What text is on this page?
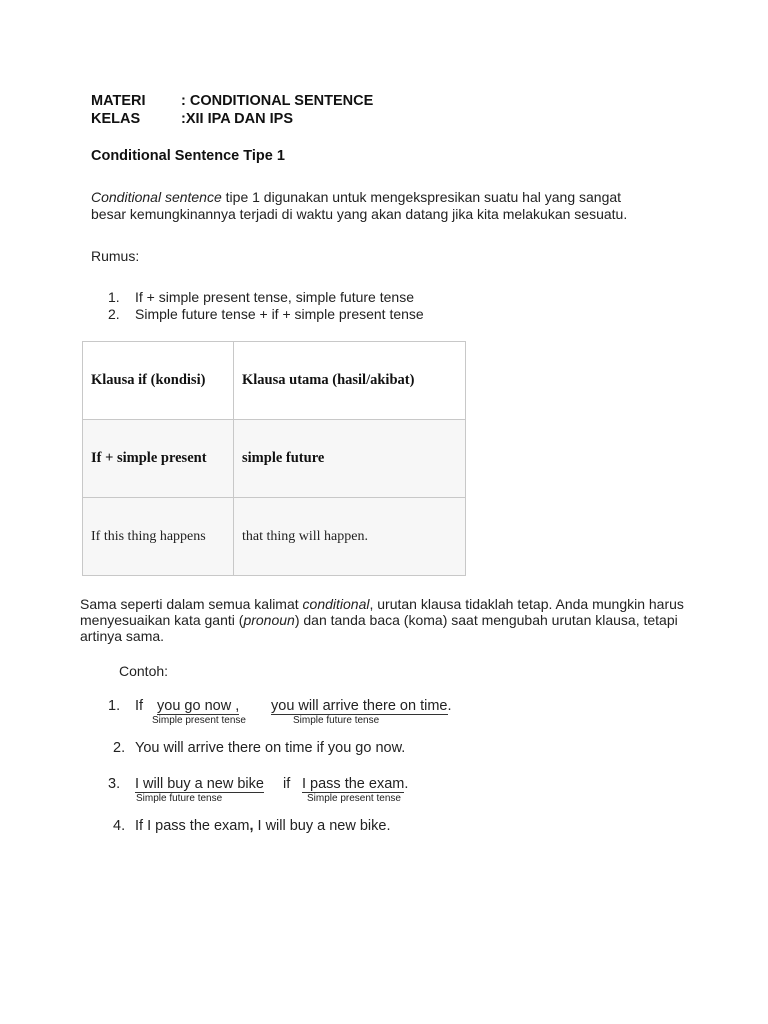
MATERI : CONDITIONAL SENTENCE
KELAS	:XII IPA DAN IPS
Conditional Sentence Tipe 1
Conditional sentence tipe 1 digunakan untuk mengekspresikan suatu hal yang sangat
besar kemungkinannya terjadi di waktu yang akan datang jika kita melakukan sesuatu.
Rumus:
1. If + simple present tense, simple future tense
2. Simple future tense + if + simple present tense
Klausa if (kondisi)	Klausa utama (hasil/akibat)
If + simple present	simple future
If this thing happens	that thing will happen.
Sama seperti dalam semua kalimat conditional, urutan klausa tidaklah tetap. Anda mungkin harus
menyesuaikan kata ganti (pronoun) dan tanda baca (koma) saat mengubah urutan klausa, tetapi
artinya sama.
Contoh:
1. If you go now , you will arrive there on time.
Simple present tense	Simple future tense
2. You will arrive there on time if you go now.
3. I will buy a new bike if I pass the exam.
Simple future tense	Simple present tense
4. If I pass the exam, I will buy a new bike.
